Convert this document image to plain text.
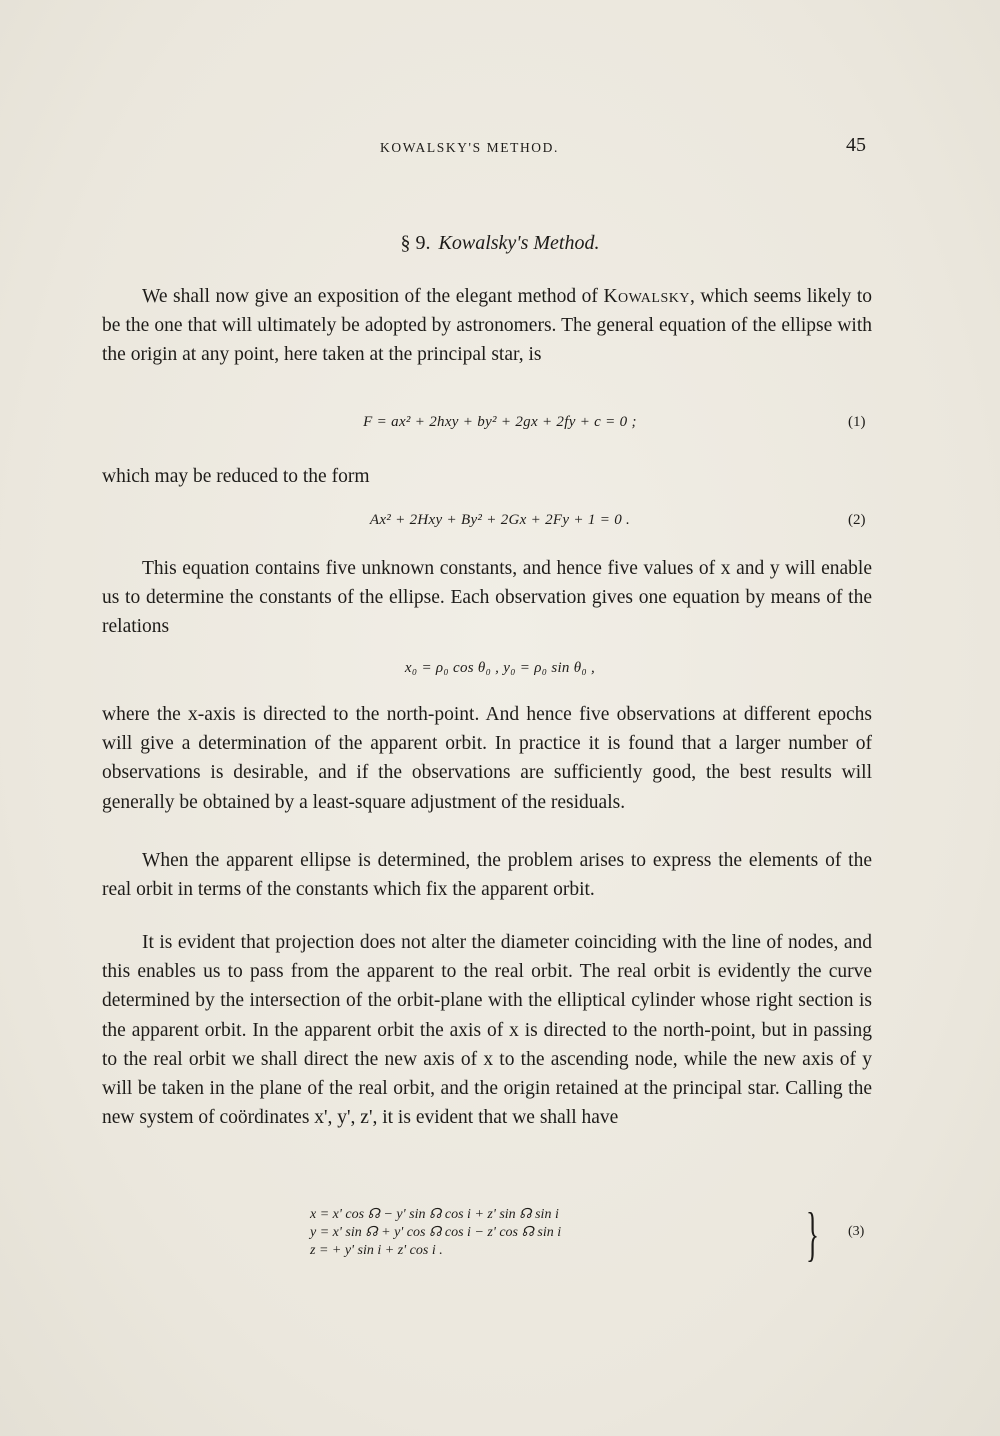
KOWALSKY'S METHOD.	45
§ 9. Kowalsky's Method.

We shall now give an exposition of the elegant method of Kowalsky, which seems likely to be the one that will ultimately be adopted by astronomers. The general equation of the ellipse with the origin at any point, here taken at the principal star, is

F = ax² + 2hxy + by² + 2gx + 2fy + c = 0 ;	(1)

which may be reduced to the form

Ax² + 2Hxy + By² + 2Gx + 2Fy + 1 = 0 .	(2)

This equation contains five unknown constants, and hence five values of x and y will enable us to determine the constants of the ellipse. Each observation gives one equation by means of the relations

x₀ = ρ₀ cos θ₀ , y₀ = ρ₀ sin θ₀ ,

where the x-axis is directed to the north-point. And hence five observations at different epochs will give a determination of the apparent orbit. In practice it is found that a larger number of observations is desirable, and if the observations are sufficiently good, the best results will generally be obtained by a least-square adjustment of the residuals.

When the apparent ellipse is determined, the problem arises to express the elements of the real orbit in terms of the constants which fix the apparent orbit.

It is evident that projection does not alter the diameter coinciding with the line of nodes, and this enables us to pass from the apparent to the real orbit. The real orbit is evidently the curve determined by the intersection of the orbit-plane with the elliptical cylinder whose right section is the apparent orbit. In the apparent orbit the axis of x is directed to the north-point, but in passing to the real orbit we shall direct the new axis of x to the ascending node, while the new axis of y will be taken in the plane of the real orbit, and the origin retained at the principal star. Calling the new system of coördinates x', y', z', it is evident that we shall have

x = x' cos ☊ − y' sin ☊ cos i + z' sin ☊ sin i
y = x' sin ☊ + y' cos ☊ cos i − z' cos ☊ sin i
z = + y' sin i + z' cos i .	} (3)
